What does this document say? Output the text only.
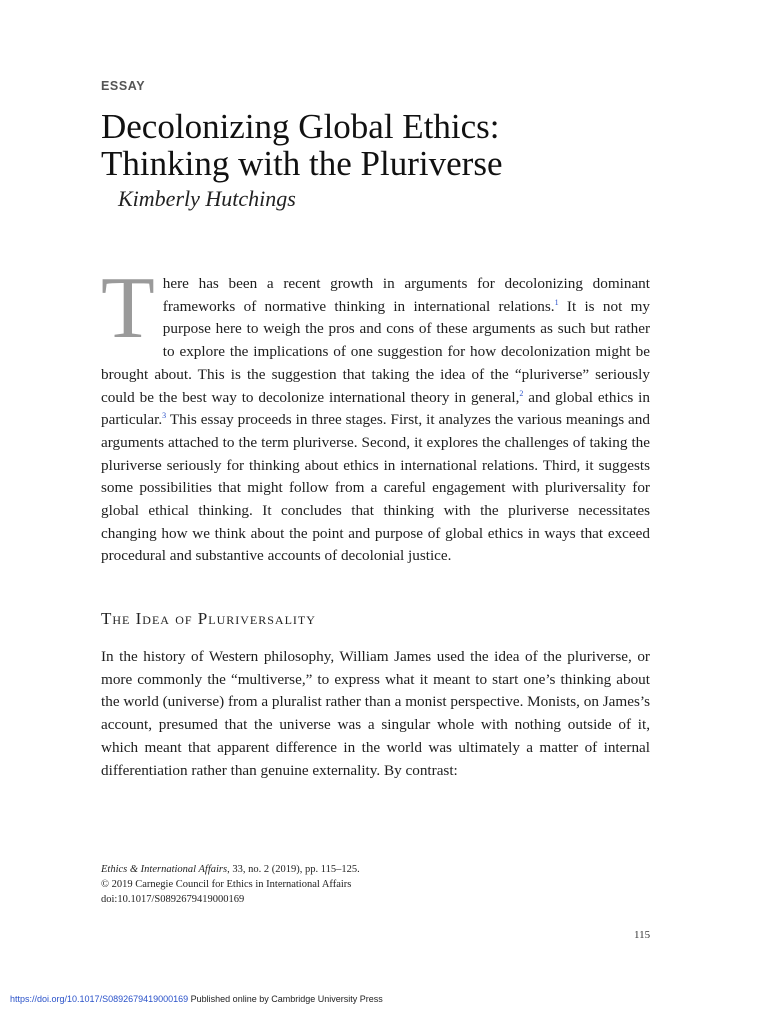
ESSAY
Decolonizing Global Ethics:
Thinking with the Pluriverse
Kimberly Hutchings
There has been a recent growth in arguments for decolonizing dominant frameworks of normative thinking in international relations.$^1$ It is not my purpose here to weigh the pros and cons of these arguments as such but rather to explore the implications of one suggestion for how decolonization might be brought about. This is the suggestion that taking the idea of the “pluriverse” seriously could be the best way to decolonize international theory in general,$^2$ and global ethics in particular.$^3$ This essay proceeds in three stages. First, it analyzes the various meanings and arguments attached to the term pluriverse. Second, it explores the challenges of taking the pluriverse seriously for thinking about ethics in international relations. Third, it suggests some possibilities that might follow from a careful engagement with pluriversality for global ethical thinking. It concludes that thinking with the pluriverse necessitates changing how we think about the point and purpose of global ethics in ways that exceed procedural and substantive accounts of decolonial justice.
The Idea of Pluriversality
In the history of Western philosophy, William James used the idea of the pluriverse, or more commonly the “multiverse,” to express what it meant to start one’s thinking about the world (universe) from a pluralist rather than a monist perspective. Monists, on James’s account, presumed that the universe was a singular whole with nothing outside of it, which meant that apparent difference in the world was ultimately a matter of internal differentiation rather than genuine externality. By contrast:
Ethics & International Affairs, 33, no. 2 (2019), pp. 115–125.
© 2019 Carnegie Council for Ethics in International Affairs
doi:10.1017/S0892679419000169
115
https://doi.org/10.1017/S0892679419000169 Published online by Cambridge University Press
